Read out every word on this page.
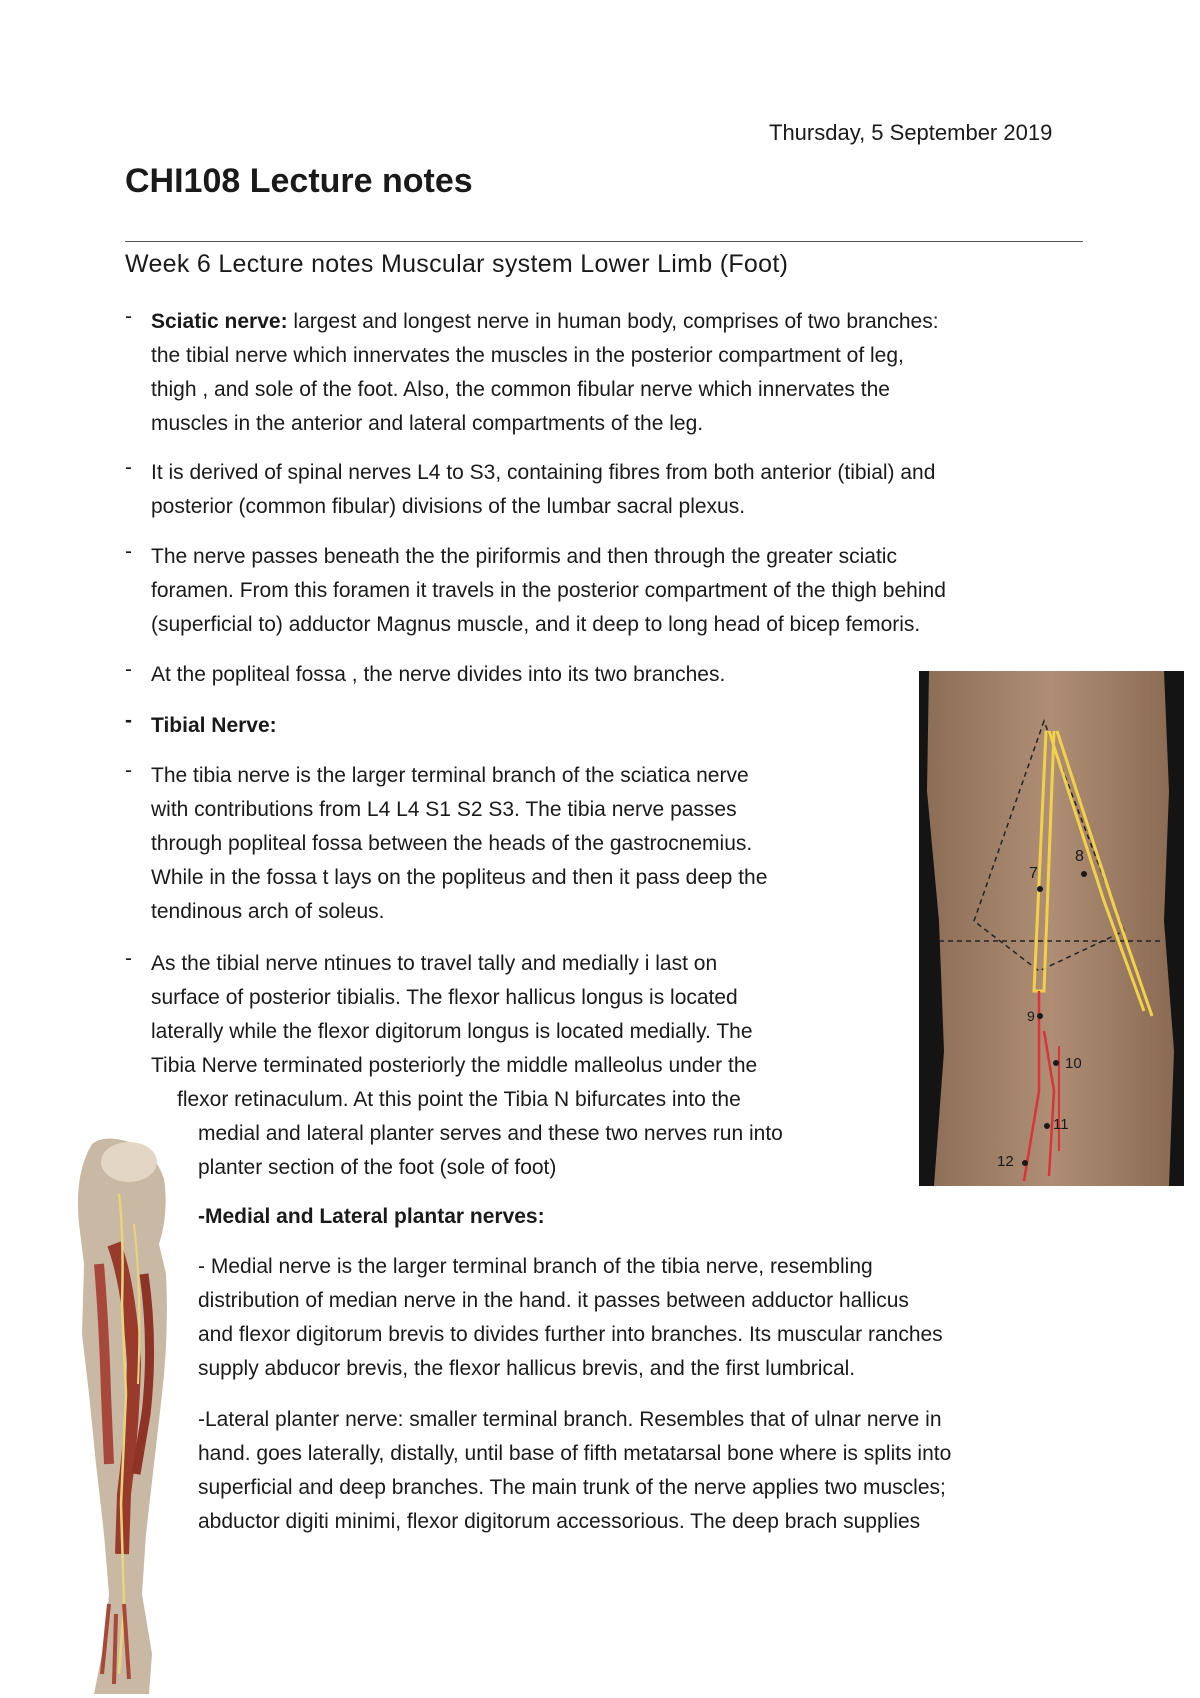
Thursday, 5 September 2019
CHI108 Lecture notes
Week 6 Lecture notes Muscular system Lower Limb (Foot)
- Sciatic nerve: largest and longest nerve in human body, comprises of two branches:
the tibial nerve which innervates the muscles in the posterior compartment of leg,
thigh , and sole of the foot. Also, the common fibular nerve which innervates the
muscles in the anterior and lateral compartments of the leg.
- It is derived of spinal nerves L4 to S3, containing fibres from both anterior (tibial) and
posterior (common fibular) divisions of the lumbar sacral plexus.
- The nerve passes beneath the the piriformis and then through the greater sciatic
foramen. From this foramen it travels in the posterior compartment of the thigh behind
(superficial to) adductor Magnus muscle, and it deep to long head of bicep femoris.
- At the popliteal fossa , the nerve divides into its two branches.
- Tibial Nerve:
- The tibia nerve is the larger terminal branch of the sciatica nerve
with contributions from L4 L4 S1 S2 S3. The tibia nerve passes
through popliteal fossa between the heads of the gastrocnemius.
While in the fossa t lays on the popliteus and then it pass deep the
tendinous arch of soleus.
- As the tibial nerve ntinues to travel tally and medially i last on
surface of posterior tibialis. The flexor hallicus longus is located
laterally while the flexor digitorum longus is located medially. The
Tibia Nerve terminated posteriorly the middle malleolus under the
flexor retinaculum. At this point the Tibia N bifurcates into the
medial and lateral planter serves and these two nerves run into
planter section of the foot (sole of foot)
-Medial and Lateral plantar nerves:
- Medial nerve is the larger terminal branch of the tibia nerve, resembling
distribution of median nerve in the hand. it passes between adductor hallicus
and flexor digitorum brevis to divides further into branches. Its muscular ranches
supply abducor brevis, the flexor hallicus brevis, and the first lumbrical.
-Lateral planter nerve: smaller terminal branch. Resembles that of ulnar nerve in
hand. goes laterally, distally, until base of fifth metatarsal bone where is splits into
superficial and deep branches. The main trunk of the nerve applies two muscles;
abductor digiti minimi, flexor digitorum accessorious. The deep brach supplies
7
8
9
10
11
12
